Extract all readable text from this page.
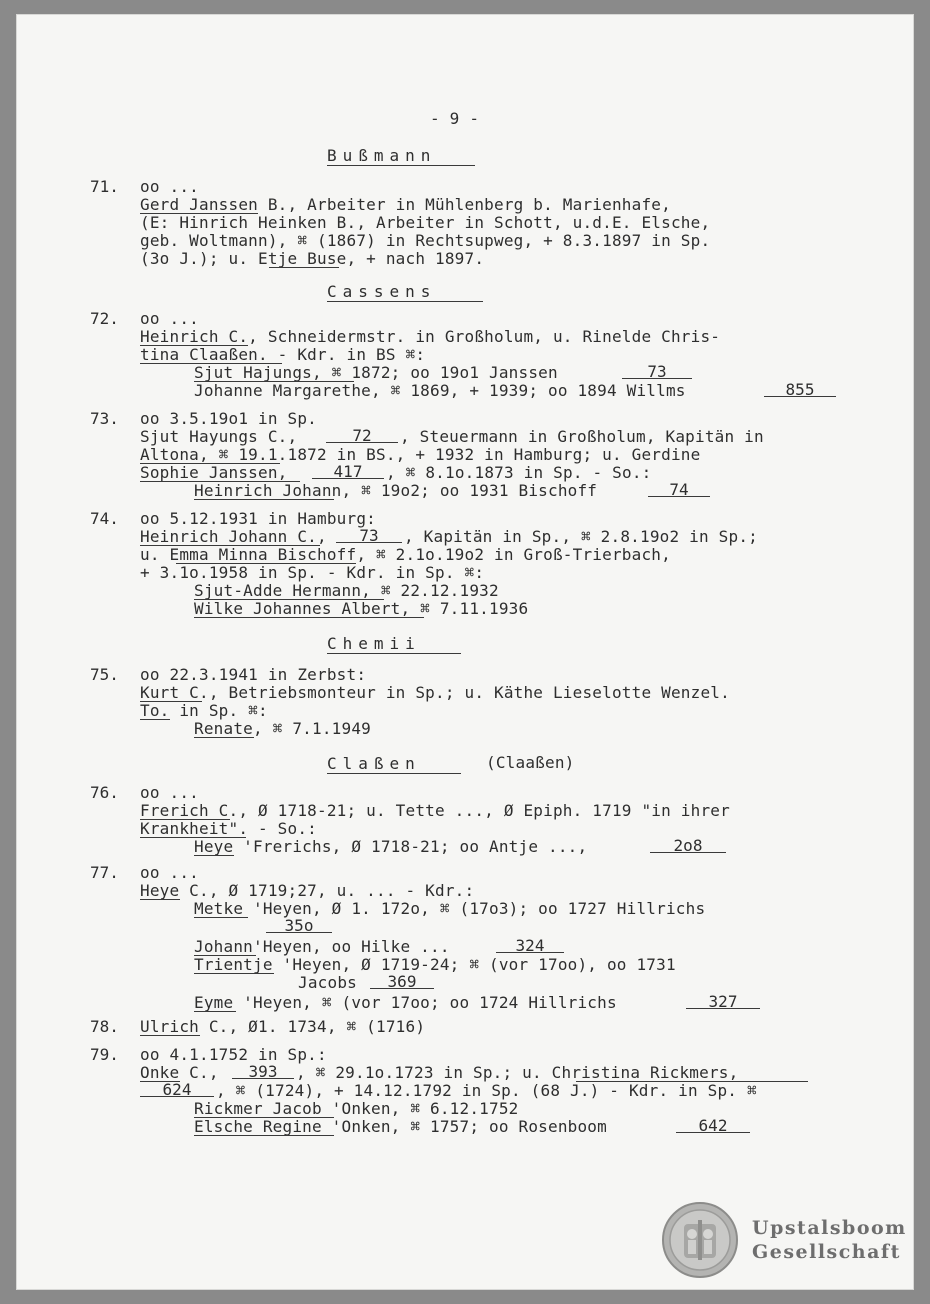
- 9 -
Bußmann
71. oo ...
Gerd Janssen B., Arbeiter in Mühlenberg b. Marienhafe,
(E: Hinrich Heinken B., Arbeiter in Schott, u.d.E. Elsche,
geb. Woltmann), ⌘ (1867) in Rechtsupweg, + 8.3.1897 in Sp.
(3o J.); u. Etje Buse, + nach 1897.
Cassens
72. oo ...
Heinrich C., Schneidermstr. in Großholum, u. Rinelde Chris-
tina Claaßen. - Kdr. in BS ⌘:
Sjut Hajungs, ⌘ 1872; oo 19o1 Janssen
Johanne Margarethe, ⌘ 1869, + 1939; oo 1894 Willms
73
855
73. oo 3.5.19o1 in Sp.
Sjut Hayungs C.,	72	, Steuermann in Großholum, Kapitän in
Altona, ⌘ 19.1.1872 in BS., + 1932 in Hamburg; u. Gerdine
Sophie Janssen,	417	, ⌘ 8.1o.1873 in Sp. - So.:
Heinrich Johann, ⌘ 19o2; oo 1931 Bischoff	74
74. oo 5.12.1931 in Hamburg:
Heinrich Johann C.,	73	, Kapitän in Sp., ⌘ 2.8.19o2 in Sp.;
u. Emma Minna Bischoff, ⌘ 2.1o.19o2 in Groß-Trierbach,
+ 3.1o.1958 in Sp. - Kdr. in Sp. ⌘:
Sjut-Adde Hermann, ⌘ 22.12.1932
Wilke Johannes Albert, ⌘ 7.11.1936
Chemii
75. oo 22.3.1941 in Zerbst:
Kurt C., Betriebsmonteur in Sp.; u. Käthe Lieselotte Wenzel.
To. in Sp. ⌘:
Renate, ⌘ 7.1.1949
Claßen	(Claaßen)
76. oo ...
Frerich C., Ø 1718-21; u. Tette ..., Ø Epiph. 1719 "in ihrer
Krankheit". - So.:
Heye 'Frerichs, Ø 1718-21; oo Antje ...,	2o8
77. oo ...
Heye C., Ø 1719;27, u. ... - Kdr.:
Metke 'Heyen, Ø 1. 172o, ⌘ (17o3); oo 1727 Hillrichs
35o
Johann'Heyen, oo Hilke ...	324
Trientje 'Heyen, Ø 1719-24; ⌘ (vor 17oo), oo 1731
Jacobs	369
Eyme 'Heyen, ⌘ (vor 17oo; oo 1724 Hillrichs	327
78. Ulrich C., Ø1. 1734, ⌘ (1716)
79. oo 4.1.1752 in Sp.:
Onke C.,	393	, ⌘ 29.1o.1723 in Sp.; u. Christina Rickmers,
624	, ⌘ (1724), + 14.12.1792 in Sp. (68 J.) - Kdr. in Sp. ⌘
Rickmer Jacob 'Onken, ⌘ 6.12.1752
Elsche Regine 'Onken, ⌘ 1757; oo Rosenboom	642
Upstalsboom
Gesellschaft
